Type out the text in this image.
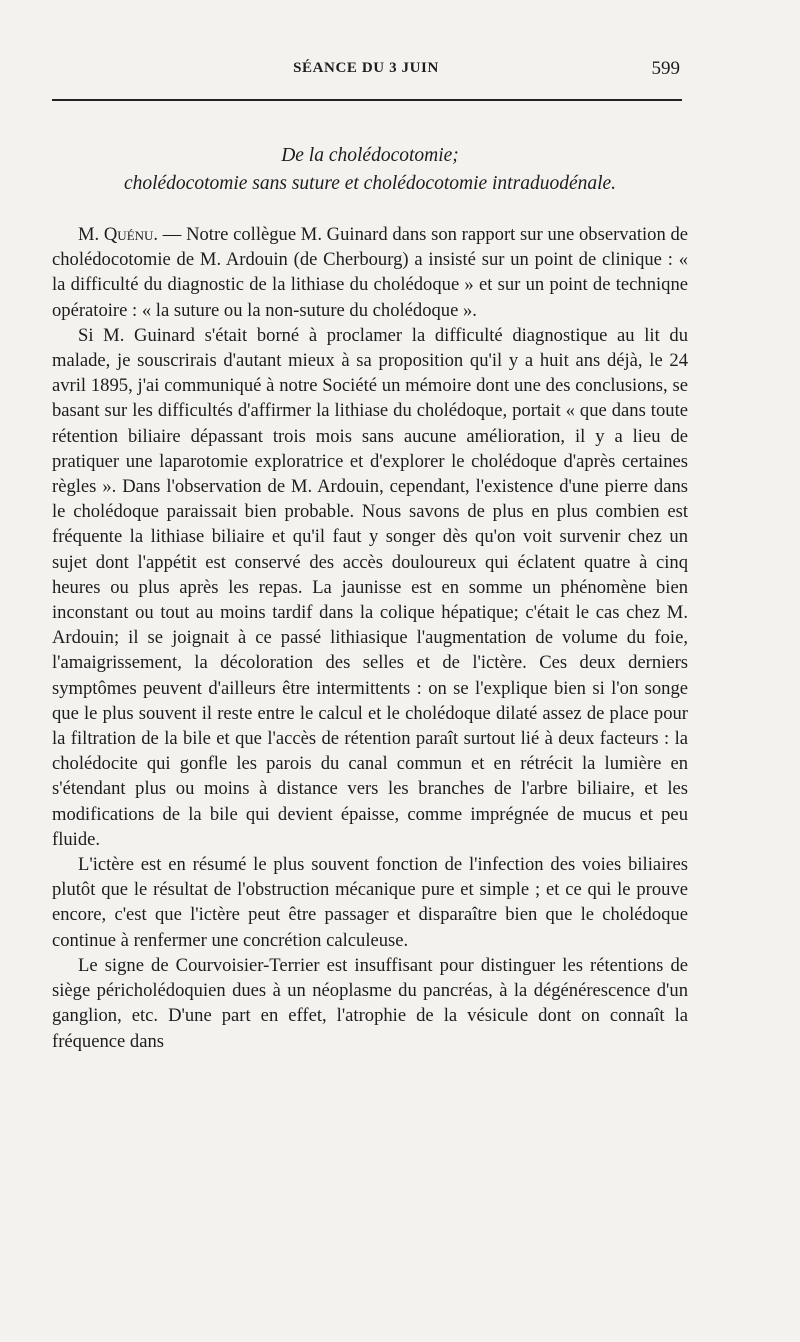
SÉANCE DU 3 JUIN	599
De la cholédocotomie;
cholédocotomie sans suture et cholédocotomie intraduodénale.

M. Quénu. — Notre collègue M. Guinard dans son rapport sur une observation de cholédocotomie de M. Ardouin (de Cherbourg) a insisté sur un point de clinique : « la difficulté du diagnostic de la lithiase du cholédoque » et sur un point de techniqne opératoire : « la suture ou la non-suture du cholédoque ».

Si M. Guinard s'était borné à proclamer la difficulté diagnostique au lit du malade, je souscrirais d'autant mieux à sa proposition qu'il y a huit ans déjà, le 24 avril 1895, j'ai communiqué à notre Société un mémoire dont une des conclusions, se basant sur les difficultés d'affirmer la lithiase du cholédoque, portait « que dans toute rétention biliaire dépassant trois mois sans aucune amélioration, il y a lieu de pratiquer une laparotomie exploratrice et d'explorer le cholédoque d'après certaines règles ». Dans l'observation de M. Ardouin, cependant, l'existence d'une pierre dans le cholédoque paraissait bien probable. Nous savons de plus en plus combien est fréquente la lithiase biliaire et qu'il faut y songer dès qu'on voit survenir chez un sujet dont l'appétit est conservé des accès douloureux qui éclatent quatre à cinq heures ou plus après les repas. La jaunisse est en somme un phénomène bien inconstant ou tout au moins tardif dans la colique hépatique; c'était le cas chez M. Ardouin; il se joignait à ce passé lithiasique l'augmentation de volume du foie, l'amaigrissement, la décoloration des selles et de l'ictère. Ces deux derniers symptômes peuvent d'ailleurs être intermittents : on se l'explique bien si l'on songe que le plus souvent il reste entre le calcul et le cholédoque dilaté assez de place pour la filtration de la bile et que l'accès de rétention paraît surtout lié à deux facteurs : la cholédocite qui gonfle les parois du canal commun et en rétrécit la lumière en s'étendant plus ou moins à distance vers les branches de l'arbre biliaire, et les modifications de la bile qui devient épaisse, comme imprégnée de mucus et peu fluide.

L'ictère est en résumé le plus souvent fonction de l'infection des voies biliaires plutôt que le résultat de l'obstruction mécanique pure et simple ; et ce qui le prouve encore, c'est que l'ictère peut être passager et disparaître bien que le cholédoque continue à renfermer une concrétion calculeuse.

Le signe de Courvoisier-Terrier est insuffisant pour distinguer les rétentions de siège péricholédoquien dues à un néoplasme du pancréas, à la dégénérescence d'un ganglion, etc. D'une part en effet, l'atrophie de la vésicule dont on connaît la fréquence dans
